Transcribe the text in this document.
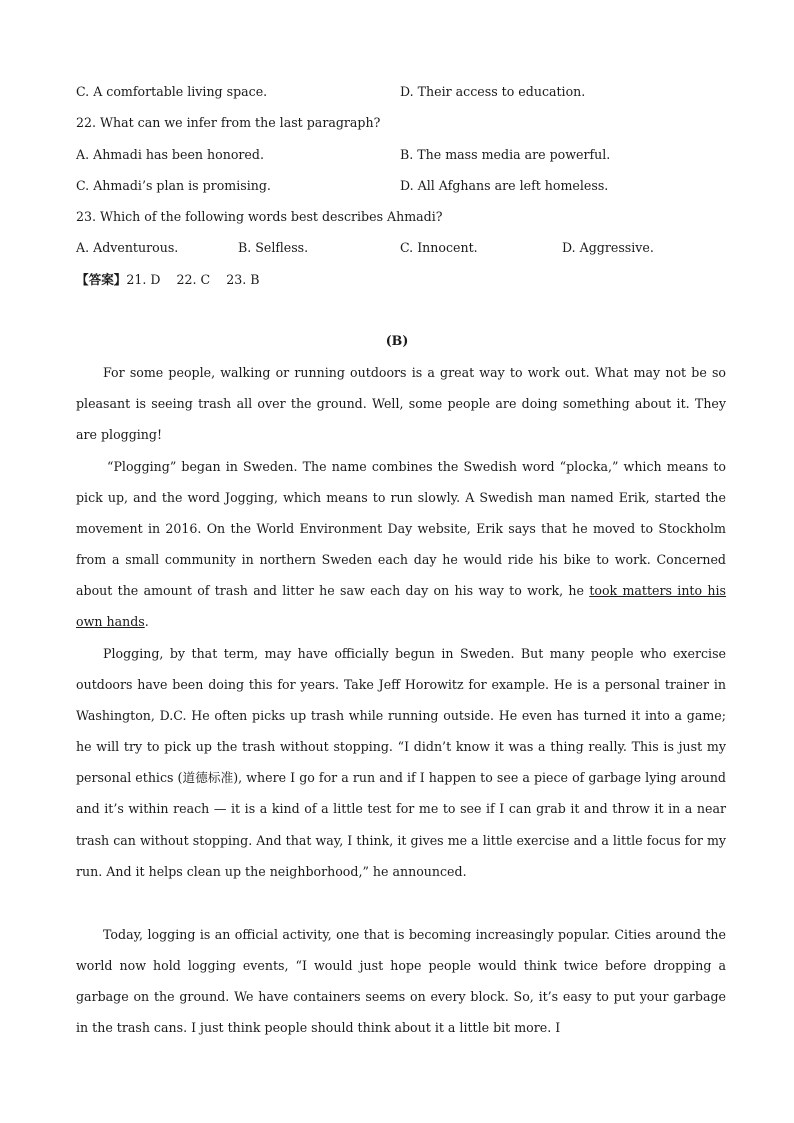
C. A comfortable living space.	D. Their access to education.
22. What can we infer from the last paragraph?
A. Ahmadi has been honored.	B. The mass media are powerful.
C. Ahmadi’s plan is promising.	D. All Afghans are left homeless.
23. Which of the following words best describes Ahmadi?
A. Adventurous.	B. Selfless.	C. Innocent.	D. Aggressive.
【答案】21. D    22. C    23. B
(B)
For some people, walking or running outdoors is a great way to work out. What may not be so pleasant is seeing trash all over the ground. Well, some people are doing something about it. They are plogging!
“Plogging” began in Sweden. The name combines the Swedish word “plocka,” which means to pick up, and the word Jogging, which means to run slowly. A Swedish man named Erik, started the movement in 2016. On the World Environment Day website, Erik says that he moved to Stockholm from a small community in northern Sweden each day he would ride his bike to work. Concerned about the amount of trash and litter he saw each day on his way to work, he took matters into his own hands.
Plogging, by that term, may have officially begun in Sweden. But many people who exercise outdoors have been doing this for years. Take Jeff Horowitz for example. He is a personal trainer in Washington, D.C. He often picks up trash while running outside. He even has turned it into a game; he will try to pick up the trash without stopping. “I didn’t know it was a thing really. This is just my personal ethics (道德标准), where I go for a run and if I happen to see a piece of garbage lying around and it’s within reach — it is a kind of a little test for me to see if I can grab it and throw it in a near trash can without stopping. And that way, I think, it gives me a little exercise and a little focus for my run. And it helps clean up the neighborhood,” he announced.
Today, logging is an official activity, one that is becoming increasingly popular. Cities around the world now hold logging events, “I would just hope people would think twice before dropping a garbage on the ground. We have containers seems on every block. So, it’s easy to put your garbage in the trash cans. I just think people should think about it a little bit more. I
